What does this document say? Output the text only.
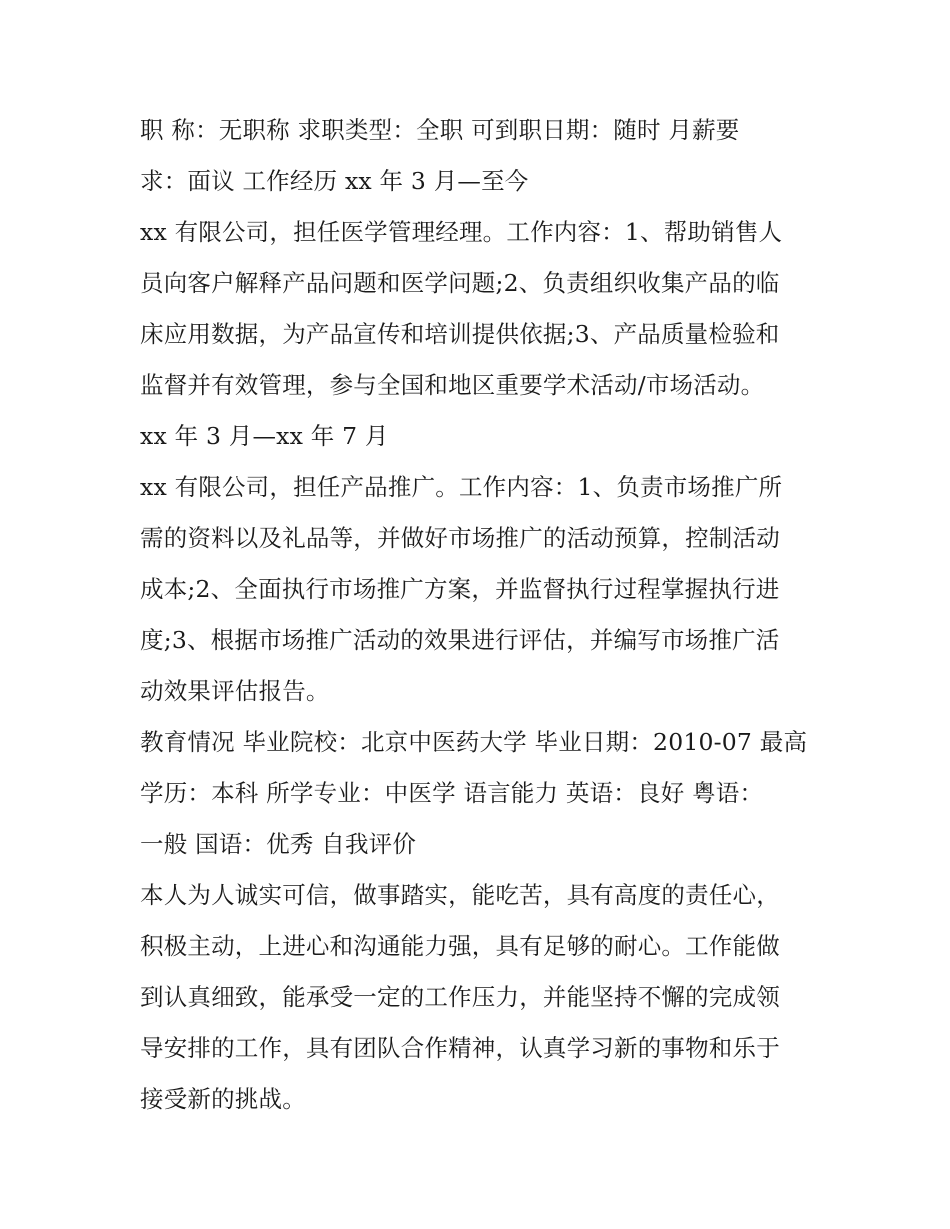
职 称：无职称 求职类型：全职 可到职日期：随时 月薪要
求：面议 工作经历 xx 年 3 月—至今
xx 有限公司，担任医学管理经理。工作内容：1、帮助销售人
员向客户解释产品问题和医学问题;2、负责组织收集产品的临
床应用数据，为产品宣传和培训提供依据;3、产品质量检验和
监督并有效管理，参与全国和地区重要学术活动/市场活动。
xx 年 3 月—xx 年 7 月
xx 有限公司，担任产品推广。工作内容：1、负责市场推广所
需的资料以及礼品等，并做好市场推广的活动预算，控制活动
成本;2、全面执行市场推广方案，并监督执行过程掌握执行进
度;3、根据市场推广活动的效果进行评估，并编写市场推广活
动效果评估报告。
教育情况 毕业院校：北京中医药大学 毕业日期：2010-07 最高
学历：本科 所学专业：中医学 语言能力 英语：良好 粤语：
一般 国语：优秀 自我评价
本人为人诚实可信，做事踏实，能吃苦，具有高度的责任心，
积极主动，上进心和沟通能力强，具有足够的耐心。工作能做
到认真细致，能承受一定的工作压力，并能坚持不懈的完成领
导安排的工作，具有团队合作精神，认真学习新的事物和乐于
接受新的挑战。
